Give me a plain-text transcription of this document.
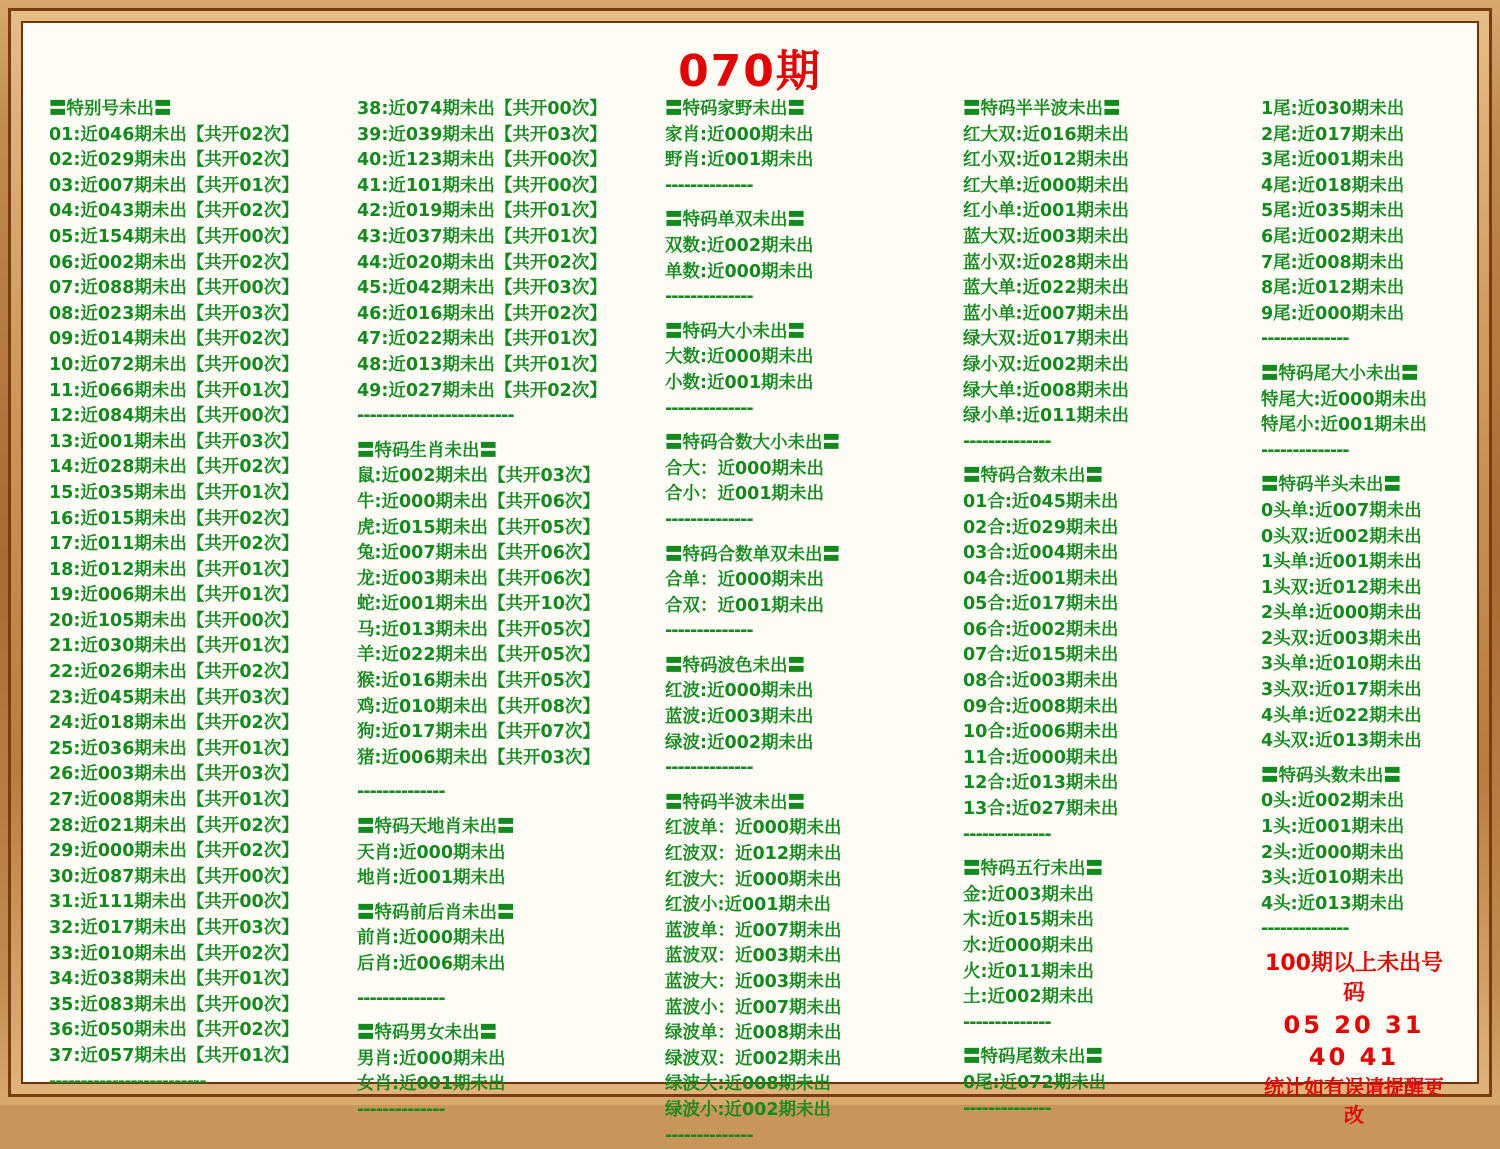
070期
〓特别号未出〓
01:近046期未出【共开02次】
02:近029期未出【共开02次】
03:近007期未出【共开01次】
04:近043期未出【共开02次】
05:近154期未出【共开00次】
06:近002期未出【共开02次】
07:近088期未出【共开00次】
08:近023期未出【共开03次】
09:近014期未出【共开02次】
10:近072期未出【共开00次】
11:近066期未出【共开01次】
12:近084期未出【共开00次】
13:近001期未出【共开03次】
14:近028期未出【共开02次】
15:近035期未出【共开01次】
16:近015期未出【共开02次】
17:近011期未出【共开02次】
18:近012期未出【共开01次】
19:近006期未出【共开01次】
20:近105期未出【共开00次】
21:近030期未出【共开01次】
22:近026期未出【共开02次】
23:近045期未出【共开03次】
24:近018期未出【共开02次】
25:近036期未出【共开01次】
26:近003期未出【共开03次】
27:近008期未出【共开01次】
28:近021期未出【共开02次】
29:近000期未出【共开02次】
30:近087期未出【共开00次】
31:近111期未出【共开00次】
32:近017期未出【共开03次】
33:近010期未出【共开02次】
34:近038期未出【共开01次】
35:近083期未出【共开00次】
36:近050期未出【共开02次】
37:近057期未出【共开01次】
-------------------------
38:近074期未出【共开00次】
39:近039期未出【共开03次】
40:近123期未出【共开00次】
41:近101期未出【共开00次】
42:近019期未出【共开01次】
43:近037期未出【共开01次】
44:近020期未出【共开02次】
45:近042期未出【共开03次】
46:近016期未出【共开02次】
47:近022期未出【共开01次】
48:近013期未出【共开01次】
49:近027期未出【共开02次】
-------------------------
〓特码生肖未出〓
鼠:近002期未出【共开03次】
牛:近000期未出【共开06次】
虎:近015期未出【共开05次】
兔:近007期未出【共开06次】
龙:近003期未出【共开06次】
蛇:近001期未出【共开10次】
马:近013期未出【共开05次】
羊:近022期未出【共开05次】
猴:近016期未出【共开05次】
鸡:近010期未出【共开08次】
狗:近017期未出【共开07次】
猪:近006期未出【共开03次】
--------------
〓特码天地肖未出〓
天肖:近000期未出
地肖:近001期未出
〓特码前后肖未出〓
前肖:近000期未出
后肖:近006期未出
--------------
〓特码男女未出〓
男肖:近000期未出
女肖:近001期未出
--------------
〓特码家野未出〓
家肖:近000期未出
野肖:近001期未出
--------------
〓特码单双未出〓
双数:近002期未出
单数:近000期未出
--------------
〓特码大小未出〓
大数:近000期未出
小数:近001期未出
--------------
〓特码合数大小未出〓
合大：近000期未出
合小：近001期未出
--------------
〓特码合数单双未出〓
合单：近000期未出
合双：近001期未出
--------------
〓特码波色未出〓
红波:近000期未出
蓝波:近003期未出
绿波:近002期未出
--------------
〓特码半波未出〓
红波单：近000期未出
红波双：近012期未出
红波大：近000期未出
红波小:近001期未出
蓝波单：近007期未出
蓝波双：近003期未出
蓝波大：近003期未出
蓝波小：近007期未出
绿波单：近008期未出
绿波双：近002期未出
绿波大:近008期未出
绿波小:近002期未出
--------------
〓特码半半波未出〓
红大双:近016期未出
红小双:近012期未出
红大单:近000期未出
红小单:近001期未出
蓝大双:近003期未出
蓝小双:近028期未出
蓝大单:近022期未出
蓝小单:近007期未出
绿大双:近017期未出
绿小双:近002期未出
绿大单:近008期未出
绿小单:近011期未出
--------------
〓特码合数未出〓
01合:近045期未出
02合:近029期未出
03合:近004期未出
04合:近001期未出
05合:近017期未出
06合:近002期未出
07合:近015期未出
08合:近003期未出
09合:近008期未出
10合:近006期未出
11合:近000期未出
12合:近013期未出
13合:近027期未出
--------------
〓特码五行未出〓
金:近003期未出
木:近015期未出
水:近000期未出
火:近011期未出
土:近002期未出
--------------
〓特码尾数未出〓
0尾:近072期未出
--------------
1尾:近030期未出
2尾:近017期未出
3尾:近001期未出
4尾:近018期未出
5尾:近035期未出
6尾:近002期未出
7尾:近008期未出
8尾:近012期未出
9尾:近000期未出
--------------
〓特码尾大小未出〓
特尾大:近000期未出
特尾小:近001期未出
--------------
〓特码半头未出〓
0头单:近007期未出
0头双:近002期未出
1头单:近001期未出
1头双:近012期未出
2头单:近000期未出
2头双:近003期未出
3头单:近010期未出
3头双:近017期未出
4头单:近022期未出
4头双:近013期未出
〓特码头数未出〓
0头:近002期未出
1头:近001期未出
2头:近000期未出
3头:近010期未出
4头:近013期未出
--------------
100期以上未出号码
05 20 31 40 41
统计如有误请提醒更改
